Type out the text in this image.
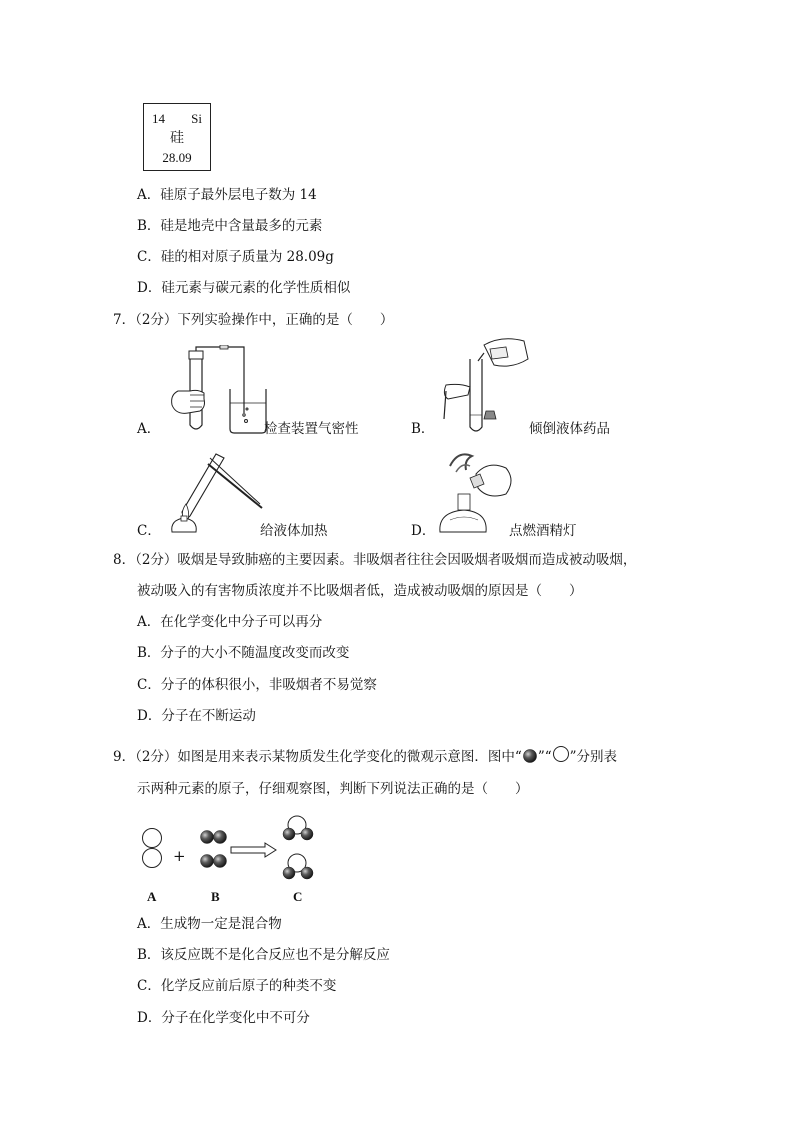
14 Si
硅
28.09
A．硅原子最外层电子数为 14
B．硅是地壳中含量最多的元素
C．硅的相对原子质量为 28.09g
D．硅元素与碳元素的化学性质相似
7．（2分）下列实验操作中，正确的是（　　）
A．	检查装置气密性	B．	倾倒液体药品
C．	给液体加热	D．	点燃酒精灯
8．（2分）吸烟是导致肺癌的主要因素。非吸烟者往往会因吸烟者吸烟而造成被动吸烟，
被动吸入的有害物质浓度并不比吸烟者低，造成被动吸烟的原因是（　　）
A．在化学变化中分子可以再分
B．分子的大小不随温度改变而改变
C．分子的体积很小，非吸烟者不易觉察
D．分子在不断运动
9．（2分）如图是用来表示某物质发生化学变化的微观示意图．图中“ ”“ ”分别表
示两种元素的原子，仔细观察图，判断下列说法正确的是（　　）
+
A	B	C
A．生成物一定是混合物
B．该反应既不是化合反应也不是分解反应
C．化学反应前后原子的种类不变
D．分子在化学变化中不可分
